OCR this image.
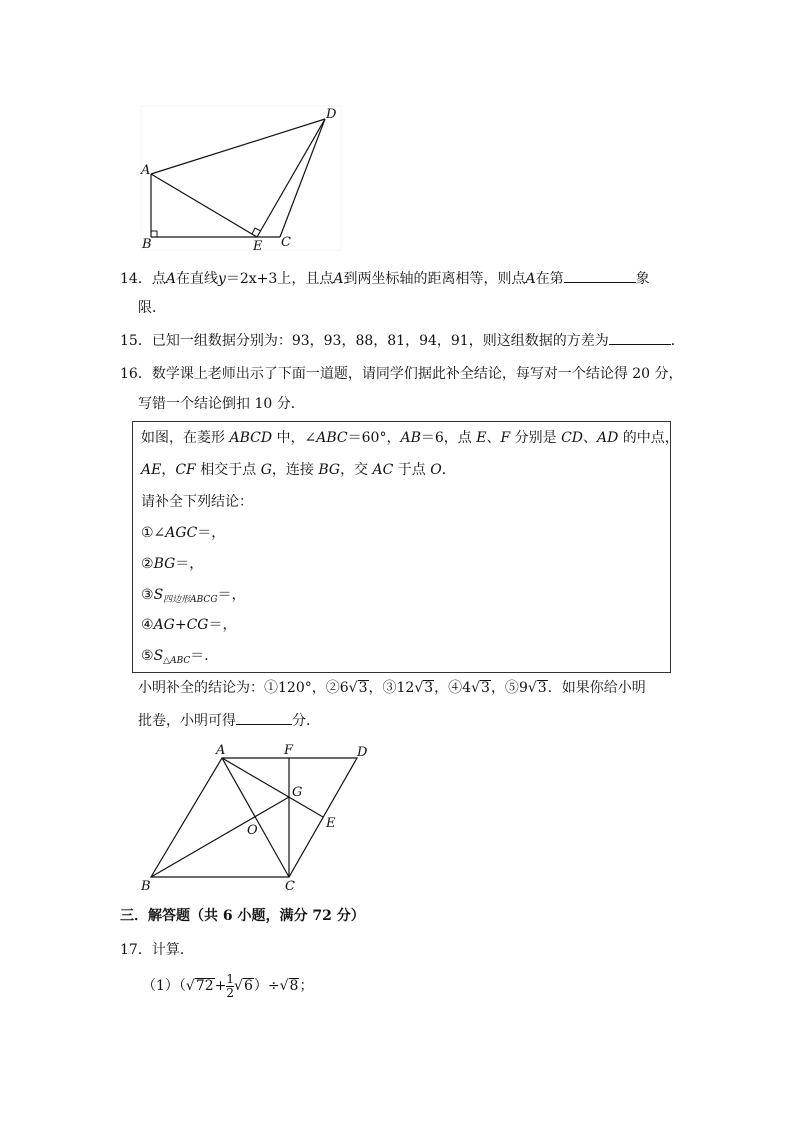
A
B	C
D
E
14．点A在直线y＝2x+3上，且点A到两坐标轴的距离相等，则点A在第	象
限．
15．已知一组数据分别为：93，93，88，81，94，91，则这组数据的方差为	．
16．数学课上老师出示了下面一道题，请同学们据此补全结论，每写对一个结论得 20 分，
写错一个结论倒扣 10 分．
如图，在菱形 ABCD 中，∠ABC＝60°，AB＝6，点 E、F 分别是 CD、AD 的中点，
AE，CF 相交于点 G，连接 BG，交 AC 于点 O．
请补全下列结论：
①∠AGC＝，
②BG＝，
$③S_{四边形ABCG}=$，
④AG+CG＝，
$⑤S_{\triangle ABC}=$．
小明补全的结论为：①120°，②6√3，③12√3，④4√3，⑤9√3．如果你给小明
批卷，小明可得	分．
A	F	D
G
E
O
B	C
三．解答题（共 6 小题，满分 72 分）
17．计算．
$(1)(√72+ \frac{1}{2} √6)\div√8$；
